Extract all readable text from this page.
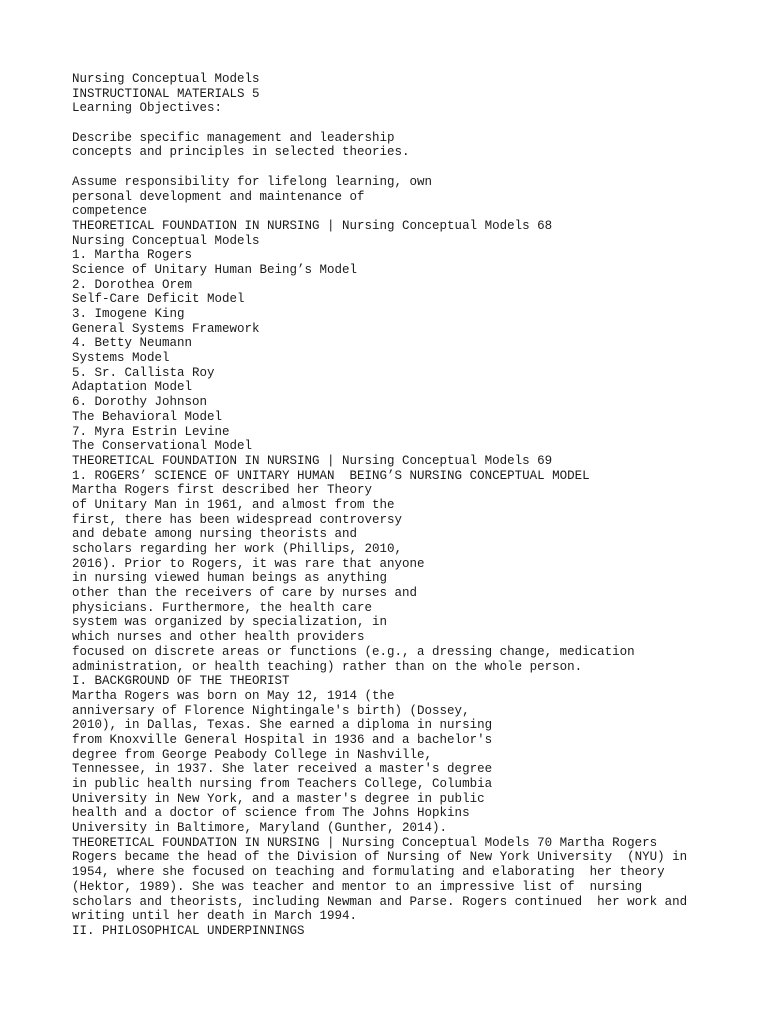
Nursing Conceptual Models
INSTRUCTIONAL MATERIALS 5
Learning Objectives:
Describe specific management and leadership
concepts and principles in selected theories.
Assume responsibility for lifelong learning, own
personal development and maintenance of
competence
THEORETICAL FOUNDATION IN NURSING | Nursing Conceptual Models 68
Nursing Conceptual Models
1. Martha Rogers
Science of Unitary Human Being’s Model
2. Dorothea Orem
Self-Care Deficit Model
3. Imogene King
General Systems Framework
4. Betty Neumann
Systems Model
5. Sr. Callista Roy
Adaptation Model
6. Dorothy Johnson
The Behavioral Model
7. Myra Estrin Levine
The Conservational Model
THEORETICAL FOUNDATION IN NURSING | Nursing Conceptual Models 69
1. ROGERS’ SCIENCE OF UNITARY HUMAN  BEING’S NURSING CONCEPTUAL MODEL
Martha Rogers first described her Theory
of Unitary Man in 1961, and almost from the
first, there has been widespread controversy
and debate among nursing theorists and
scholars regarding her work (Phillips, 2010,
2016). Prior to Rogers, it was rare that anyone
in nursing viewed human beings as anything
other than the receivers of care by nurses and
physicians. Furthermore, the health care
system was organized by specialization, in
which nurses and other health providers
focused on discrete areas or functions (e.g., a dressing change, medication
administration, or health teaching) rather than on the whole person.
I. BACKGROUND OF THE THEORIST
Martha Rogers was born on May 12, 1914 (the
anniversary of Florence Nightingale's birth) (Dossey,
2010), in Dallas, Texas. She earned a diploma in nursing
from Knoxville General Hospital in 1936 and a bachelor's
degree from George Peabody College in Nashville,
Tennessee, in 1937. She later received a master's degree
in public health nursing from Teachers College, Columbia
University in New York, and a master's degree in public
health and a doctor of science from The Johns Hopkins
University in Baltimore, Maryland (Gunther, 2014).
THEORETICAL FOUNDATION IN NURSING | Nursing Conceptual Models 70 Martha Rogers
Rogers became the head of the Division of Nursing of New York University  (NYU) in
1954, where she focused on teaching and formulating and elaborating  her theory
(Hektor, 1989). She was teacher and mentor to an impressive list of  nursing
scholars and theorists, including Newman and Parse. Rogers continued  her work and
writing until her death in March 1994.
II. PHILOSOPHICAL UNDERPINNINGS
